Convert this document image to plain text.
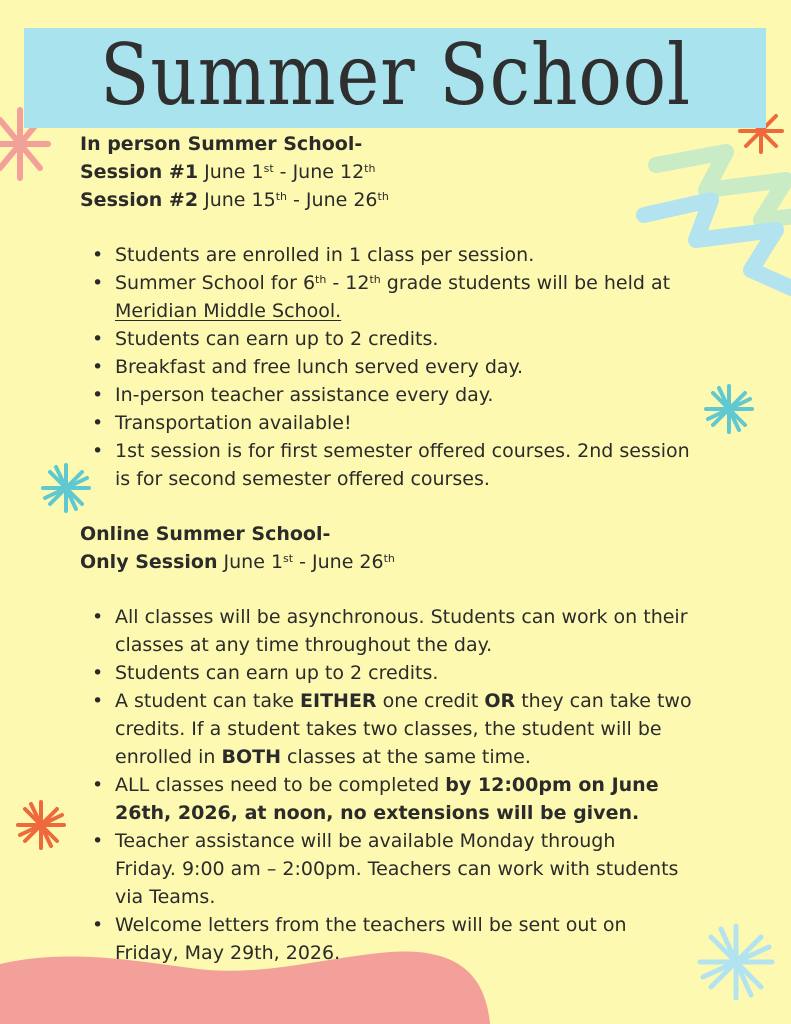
Summer School
In person Summer School-
Session #1 June 1st - June 12th
Session #2 June 15th - June 26th
• Students are enrolled in 1 class per session.
• Summer School for 6th - 12th grade students will be held at
Meridian Middle School.
• Students can earn up to 2 credits.
• Breakfast and free lunch served every day.
• In-person teacher assistance every day.
• Transportation available!
• 1st session is for first semester offered courses. 2nd session
is for second semester offered courses.
Online Summer School-
Only Session June 1st - June 26th
• All classes will be asynchronous. Students can work on their
classes at any time throughout the day.
• Students can earn up to 2 credits.
• A student can take EITHER one credit OR they can take two
credits. If a student takes two classes, the student will be
enrolled in BOTH classes at the same time.
• ALL classes need to be completed by 12:00pm on June
26th, 2026, at noon, no extensions will be given.
• Teacher assistance will be available Monday through
Friday. 9:00 am – 2:00pm. Teachers can work with students
via Teams.
• Welcome letters from the teachers will be sent out on
Friday, May 29th, 2026.
